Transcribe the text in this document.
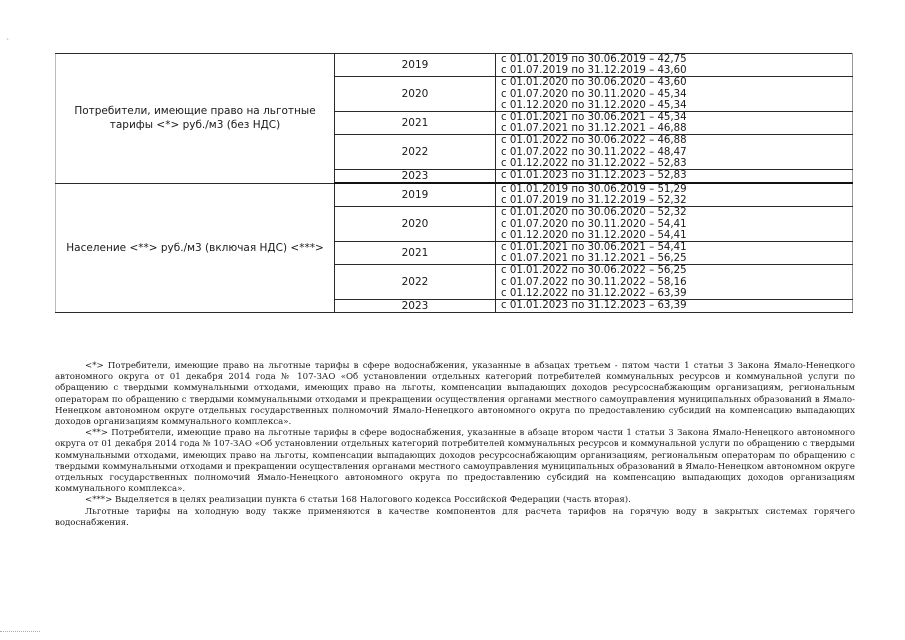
`
Потребители, имеющие право на льготные тарифы <*> руб./м3 (без НДС)	2019	с 01.01.2019 по 30.06.2019 – 42,75
с 01.07.2019 по 31.12.2019 – 43,60

	2020	с 01.01.2020 по 30.06.2020 – 43,60
с 01.07.2020 по 30.11.2020 – 45,34
с 01.12.2020 по 31.12.2020 – 45,34

	2021	с 01.01.2021 по 30.06.2021 – 45,34
с 01.07.2021 по 31.12.2021 – 46,88

	2022	с 01.01.2022 по 30.06.2022 – 46,88
с 01.07.2022 по 30.11.2022 – 48,47
с 01.12.2022 по 31.12.2022 – 52,83

	2023	с 01.01.2023 по 31.12.2023 – 52,83

Население <**> руб./м3 (включая НДС) <***>	2019	с 01.01.2019 по 30.06.2019 – 51,29
с 01.07.2019 по 31.12.2019 – 52,32

	2020	с 01.01.2020 по 30.06.2020 – 52,32
с 01.07.2020 по 30.11.2020 – 54,41
с 01.12.2020 по 31.12.2020 – 54,41

	2021	с 01.01.2021 по 30.06.2021 – 54,41
с 01.07.2021 по 31.12.2021 – 56,25

	2022	с 01.01.2022 по 30.06.2022 – 56,25
с 01.07.2022 по 30.11.2022 – 58,16
с 01.12.2022 по 31.12.2022 – 63,39

	2023	с 01.01.2023 по 31.12.2023 – 63,39

<*> Потребители, имеющие право на льготные тарифы в сфере водоснабжения, указанные в абзацах третьем - пятом части 1 статьи 3 Закона Ямало-Ненецкого автономного округа от 01 декабря 2014 года № 107-ЗАО «Об установлении отдельных категорий потребителей коммунальных ресурсов и коммунальной услуги по обращению с твердыми коммунальными отходами, имеющих право на льготы, компенсации выпадающих доходов ресурсоснабжающим организациям, региональным операторам по обращению с твердыми коммунальными отходами и прекращении осуществления органами местного самоуправления муниципальных образований в Ямало-Ненецком автономном округе отдельных государственных полномочий Ямало-Ненецкого автономного округа по предоставлению субсидий на компенсацию выпадающих доходов организациям коммунального комплекса».

<**> Потребители, имеющие право на льготные тарифы в сфере водоснабжения, указанные в абзаце втором части 1 статьи 3 Закона Ямало-Ненецкого автономного округа от 01 декабря 2014 года № 107-ЗАО «Об установлении отдельных категорий потребителей коммунальных ресурсов и коммунальной услуги по обращению с твердыми коммунальными отходами, имеющих право на льготы, компенсации выпадающих доходов ресурсоснабжающим организациям, региональным операторам по обращению с твердыми коммунальными отходами и прекращении осуществления органами местного самоуправления муниципальных образований в Ямало-Ненецком автономном округе отдельных государственных полномочий Ямало-Ненецкого автономного округа по предоставлению субсидий на компенсацию выпадающих доходов организациям коммунального комплекса».

<***> Выделяется в целях реализации пункта 6 статьи 168 Налогового кодекса Российской Федерации (часть вторая).

Льготные тарифы на холодную воду также применяются в качестве компонентов для расчета тарифов на горячую воду в закрытых системах горячего водоснабжения.
